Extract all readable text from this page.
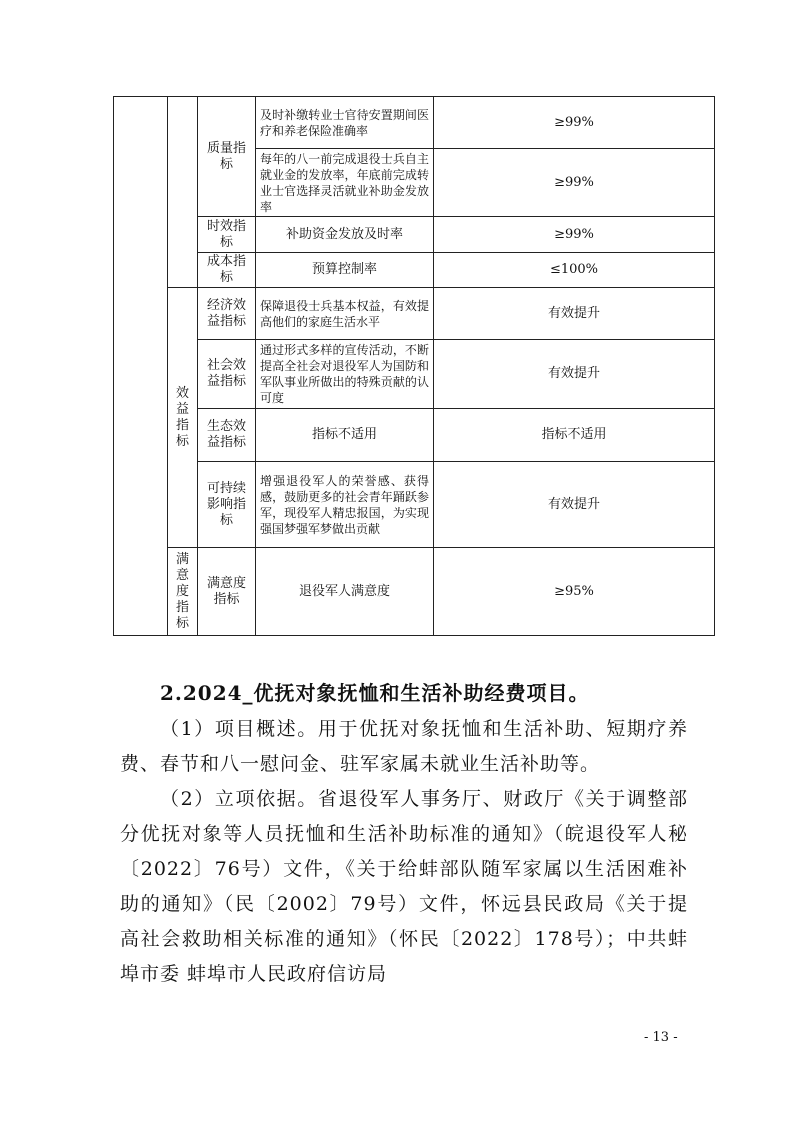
		质量指标	及时补缴转业士官待安置期间医疗和养老保险准确率	≥99%
			每年的八一前完成退役士兵自主就业金的发放率，年底前完成转业士官选择灵活就业补助金发放率	≥99%
		时效指标	补助资金发放及时率	≥99%
		成本指标	预算控制率	≤100%
	效益指标	经济效益指标	保障退役士兵基本权益，有效提高他们的家庭生活水平	有效提升
		社会效益指标	通过形式多样的宣传活动，不断提高全社会对退役军人为国防和军队事业所做出的特殊贡献的认可度	有效提升
		生态效益指标	指标不适用	指标不适用
		可持续影响指标	增强退役军人的荣誉感、获得感，鼓励更多的社会青年踊跃参军，现役军人精忠报国，为实现强国梦强军梦做出贡献	有效提升
	满意度指标	满意度指标	退役军人满意度	≥95%
2.2024_优抚对象抚恤和生活补助经费项目。
（1）项目概述。用于优抚对象抚恤和生活补助、短期疗养费、春节和八一慰问金、驻军家属未就业生活补助等。
（2）立项依据。省退役军人事务厅、财政厅《关于调整部分优抚对象等人员抚恤和生活补助标准的通知》（皖退役军人秘〔2022〕76号）文件，《关于给蚌部队随军家属以生活困难补助的通知》（民〔2002〕79号）文件，怀远县民政局《关于提高社会救助相关标准的通知》（怀民〔2022〕178号）；中共蚌埠市委 蚌埠市人民政府信访局
- 13 -
